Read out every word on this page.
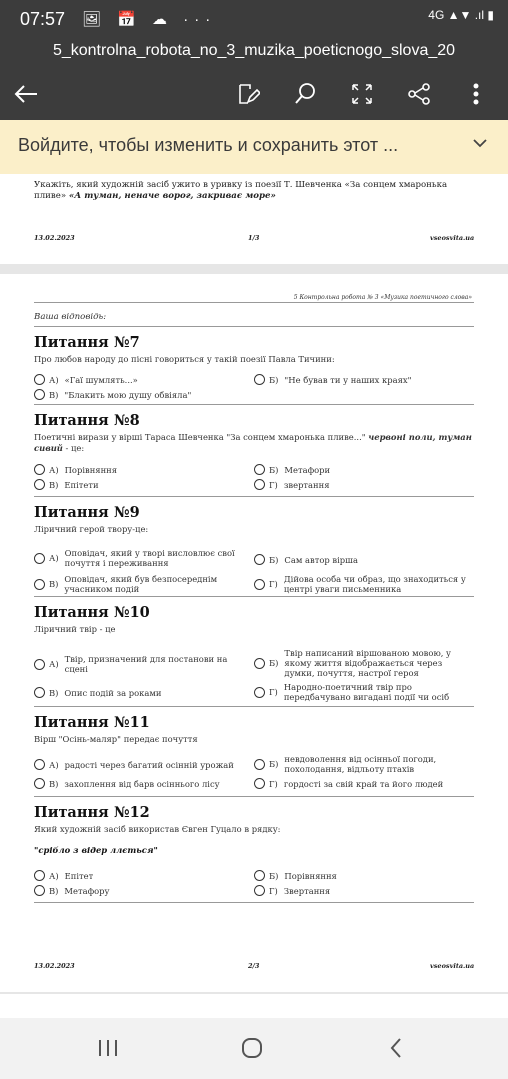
07:57 🖼 📅 ☁ ···	4G ▲▼ .ıl ▮
5_kontrolna_robota_no_3_muzika_poeticnogo_slova_20
Войдите, чтобы изменить и сохранить этот ...
Укажіть, який художній засіб ужито в уривку із поезії Т. Шевченка «За сонцем хмаронька пливе» «А туман, неначе ворог, закриває море»
13.02.2023	1/3	vseosvita.ua
5 Контрольна робота № 3 «Музика поетичного слова»
Ваша відповідь:
Питання №7
Про любов народу до пісні говориться у такій поезії Павла Тичини:
А) «Гаї шумлять...»	Б) "Не бував ти у наших краях"
В) "Блакить мою душу обвіяла"
Питання №8
Поетичні вирази у вірші Тараса Шевченка "За сонцем хмаронька пливе..." червоні поли, туман сивий - це:
А) Порівняння	Б) Метафори
В) Епітети	Г) звертання
Питання №9
Ліричний герой твору-це:
А) Оповідач, який у творі висловлює свої почуття і переживання	Б) Сам автор вірша
В) Оповідач, який був безпосереднім учасником подій	Г) Дійова особа чи образ, що знаходиться у центрі уваги письменника
Питання №10
Ліричний твір - це
А) Твір, призначений для постанови на сцені
Б)
Твір написаний віршованою мовою, у якому життя відображається через думки, почуття, настрої героя
В) Опис подій за роками	Г) Народно-поетичний твір про передбачувано вигадані події чи осіб
Питання №11
Вірш "Осінь-маляр" передає почуття
А) радості через багатий осінній урожай	Б) невдоволення від осінньої погоди, похолодання, відльоту птахів
В) захоплення від барв осіннього лісу	Г) гордості за свій край та його людей
Питання №12
Який художній засіб використав Євген Гуцало в рядку:
"срібло з відер ллється"
А) Епітет	Б) Порівняння
В) Метафору	Г) Звертання
13.02.2023	2/3	vseosvita.ua
